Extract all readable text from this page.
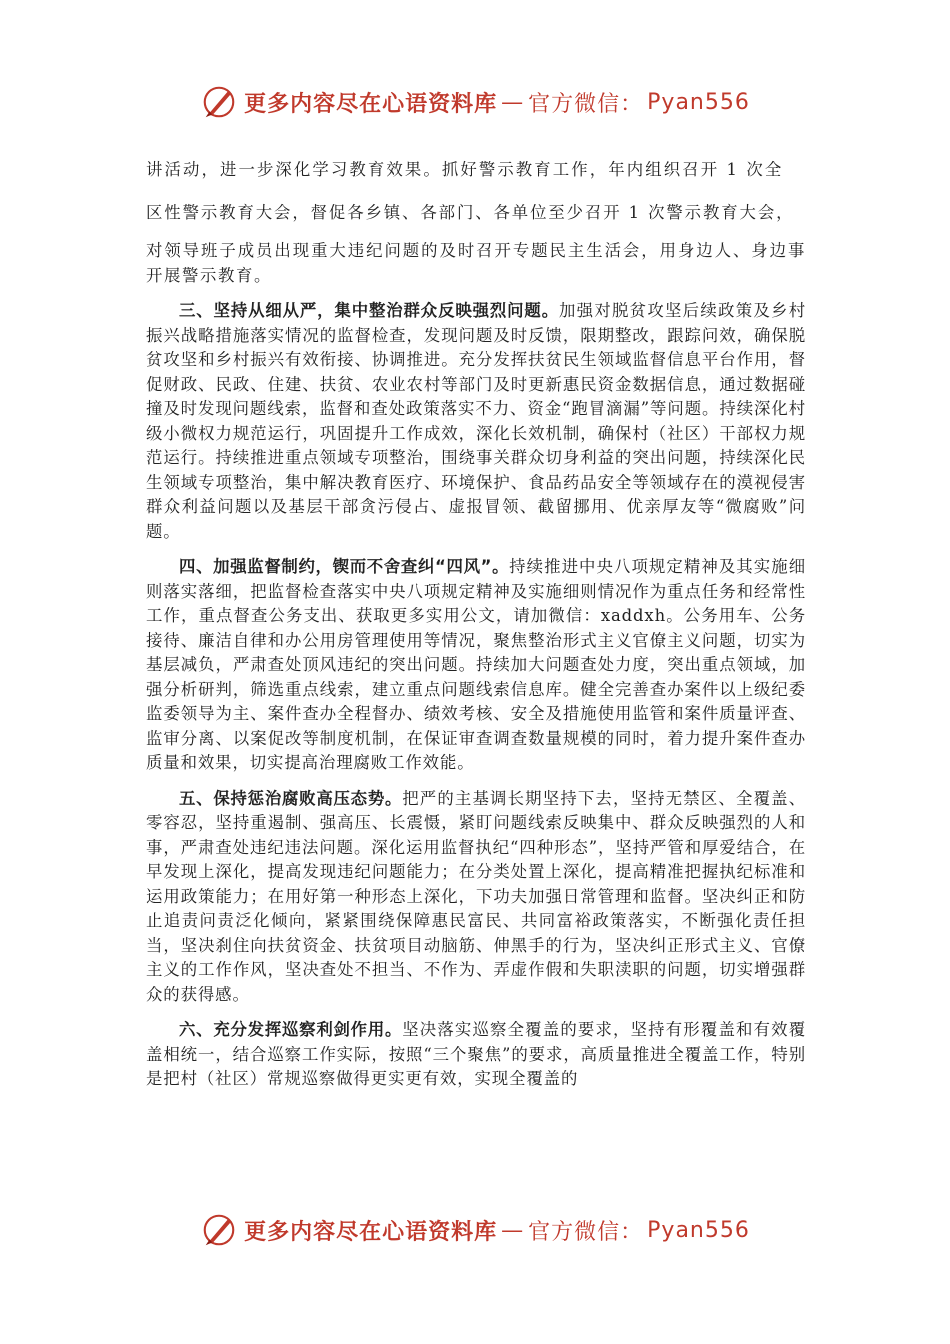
更多内容尽在心语资料库 — 官方微信： Pyan556

讲活动，进一步深化学习教育效果。抓好警示教育工作，年内组织召开 1 次全

区性警示教育大会，督促各乡镇、各部门、各单位至少召开 1 次警示教育大会，

对领导班子成员出现重大违纪问题的及时召开专题民主生活会，用身边人、身边事开展警示教育。

三、坚持从细从严，集中整治群众反映强烈问题。加强对脱贫攻坚后续政策及乡村振兴战略措施落实情况的监督检查，发现问题及时反馈，限期整改，跟踪问效，确保脱贫攻坚和乡村振兴有效衔接、协调推进。充分发挥扶贫民生领域监督信息平台作用，督促财政、民政、住建、扶贫、农业农村等部门及时更新惠民资金数据信息，通过数据碰撞及时发现问题线索，监督和查处政策落实不力、资金“跑冒滴漏”等问题。持续深化村级小微权力规范运行，巩固提升工作成效，深化长效机制，确保村（社区）干部权力规范运行。持续推进重点领域专项整治，围绕事关群众切身利益的突出问题，持续深化民生领域专项整治，集中解决教育医疗、环境保护、食品药品安全等领域存在的漠视侵害群众利益问题以及基层干部贪污侵占、虚报冒领、截留挪用、优亲厚友等“微腐败”问题。

四、加强监督制约，锲而不舍查纠“四风”。持续推进中央八项规定精神及其实施细则落实落细，把监督检查落实中央八项规定精神及实施细则情况作为重点任务和经常性工作，重点督查公务支出、获取更多实用公文，请加微信：xaddxh。公务用车、公务接待、廉洁自律和办公用房管理使用等情况，聚焦整治形式主义官僚主义问题，切实为基层减负，严肃查处顶风违纪的突出问题。持续加大问题查处力度，突出重点领域，加强分析研判，筛选重点线索，建立重点问题线索信息库。健全完善查办案件以上级纪委监委领导为主、案件查办全程督办、绩效考核、安全及措施使用监管和案件质量评查、监审分离、以案促改等制度机制，在保证审查调查数量规模的同时，着力提升案件查办质量和效果，切实提高治理腐败工作效能。

五、保持惩治腐败高压态势。把严的主基调长期坚持下去，坚持无禁区、全覆盖、零容忍，坚持重遏制、强高压、长震慑，紧盯问题线索反映集中、群众反映强烈的人和事，严肃查处违纪违法问题。深化运用监督执纪“四种形态”，坚持严管和厚爱结合，在早发现上深化，提高发现违纪问题能力；在分类处置上深化，提高精准把握执纪标准和运用政策能力；在用好第一种形态上深化，下功夫加强日常管理和监督。坚决纠正和防止追责问责泛化倾向，紧紧围绕保障惠民富民、共同富裕政策落实，不断强化责任担当，坚决刹住向扶贫资金、扶贫项目动脑筋、伸黑手的行为，坚决纠正形式主义、官僚主义的工作作风，坚决查处不担当、不作为、弄虚作假和失职渎职的问题，切实增强群众的获得感。

六、充分发挥巡察利剑作用。坚决落实巡察全覆盖的要求，坚持有形覆盖和有效覆盖相统一，结合巡察工作实际，按照“三个聚焦”的要求，高质量推进全覆盖工作，特别是把村（社区）常规巡察做得更实更有效，实现全覆盖的

更多内容尽在心语资料库 — 官方微信： Pyan556
